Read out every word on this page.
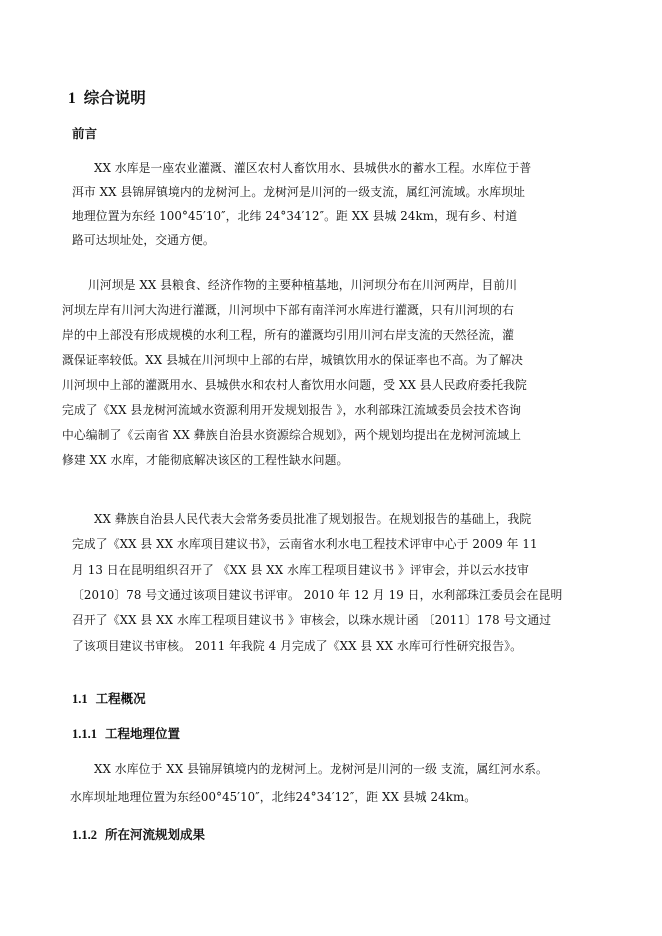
1 综合说明
前言
XX 水库是一座农业灌溉、灌区农村人畜饮用水、县城供水的蓄水工程。水库位于普
洱市 XX 县锦屏镇境内的龙树河上。龙树河是川河的一级支流，属红河流域。水库坝址
地理位置为东经 100°45′10″，北纬 24°34′12″。距 XX 县城 24km，现有乡、村道
路可达坝址处，交通方便。
川河坝是 XX 县粮食、经济作物的主要种植基地，川河坝分布在川河两岸，目前川
河坝左岸有川河大沟进行灌溉，川河坝中下部有南洋河水库进行灌溉，只有川河坝的右
岸的中上部没有形成规模的水利工程，所有的灌溉均引用川河右岸支流的天然径流，灌
溉保证率较低。XX 县城在川河坝中上部的右岸，城镇饮用水的保证率也不高。为了解决
川河坝中上部的灌溉用水、县城供水和农村人畜饮用水问题，受 XX 县人民政府委托我院
完成了《XX 县龙树河流域水资源利用开发规划报告 》，水利部珠江流域委员会技术咨询
中心编制了《云南省 XX 彝族自治县水资源综合规划》，两个规划均提出在龙树河流域上
修建 XX 水库，才能彻底解决该区的工程性缺水问题。
XX 彝族自治县人民代表大会常务委员批准了规划报告。在规划报告的基础上，我院
完成了《XX 县 XX 水库项目建议书》，云南省水利水电工程技术评审中心于 2009 年 11
月 13 日在昆明组织召开了 《XX 县 XX 水库工程项目建议书 》评审会，并以云水技审
〔2010〕78 号文通过该项目建议书评审。 2010 年 12 月 19 日，水利部珠江委员会在昆明
召开了《XX 县 XX 水库工程项目建议书 》审核会，以珠水规计函 〔2011〕178 号文通过
了该项目建议书审核。 2011 年我院 4 月完成了《XX 县 XX 水库可行性研究报告》。
1.1 工程概况
1.1.1 工程地理位置
XX 水库位于 XX 县锦屏镇境内的龙树河上。龙树河是川河的一级 支流，属红河水系。
水库坝址地理位置为东经00°45′10″，北纬24°34′12″，距 XX 县城 24km。
1.1.2 所在河流规划成果
